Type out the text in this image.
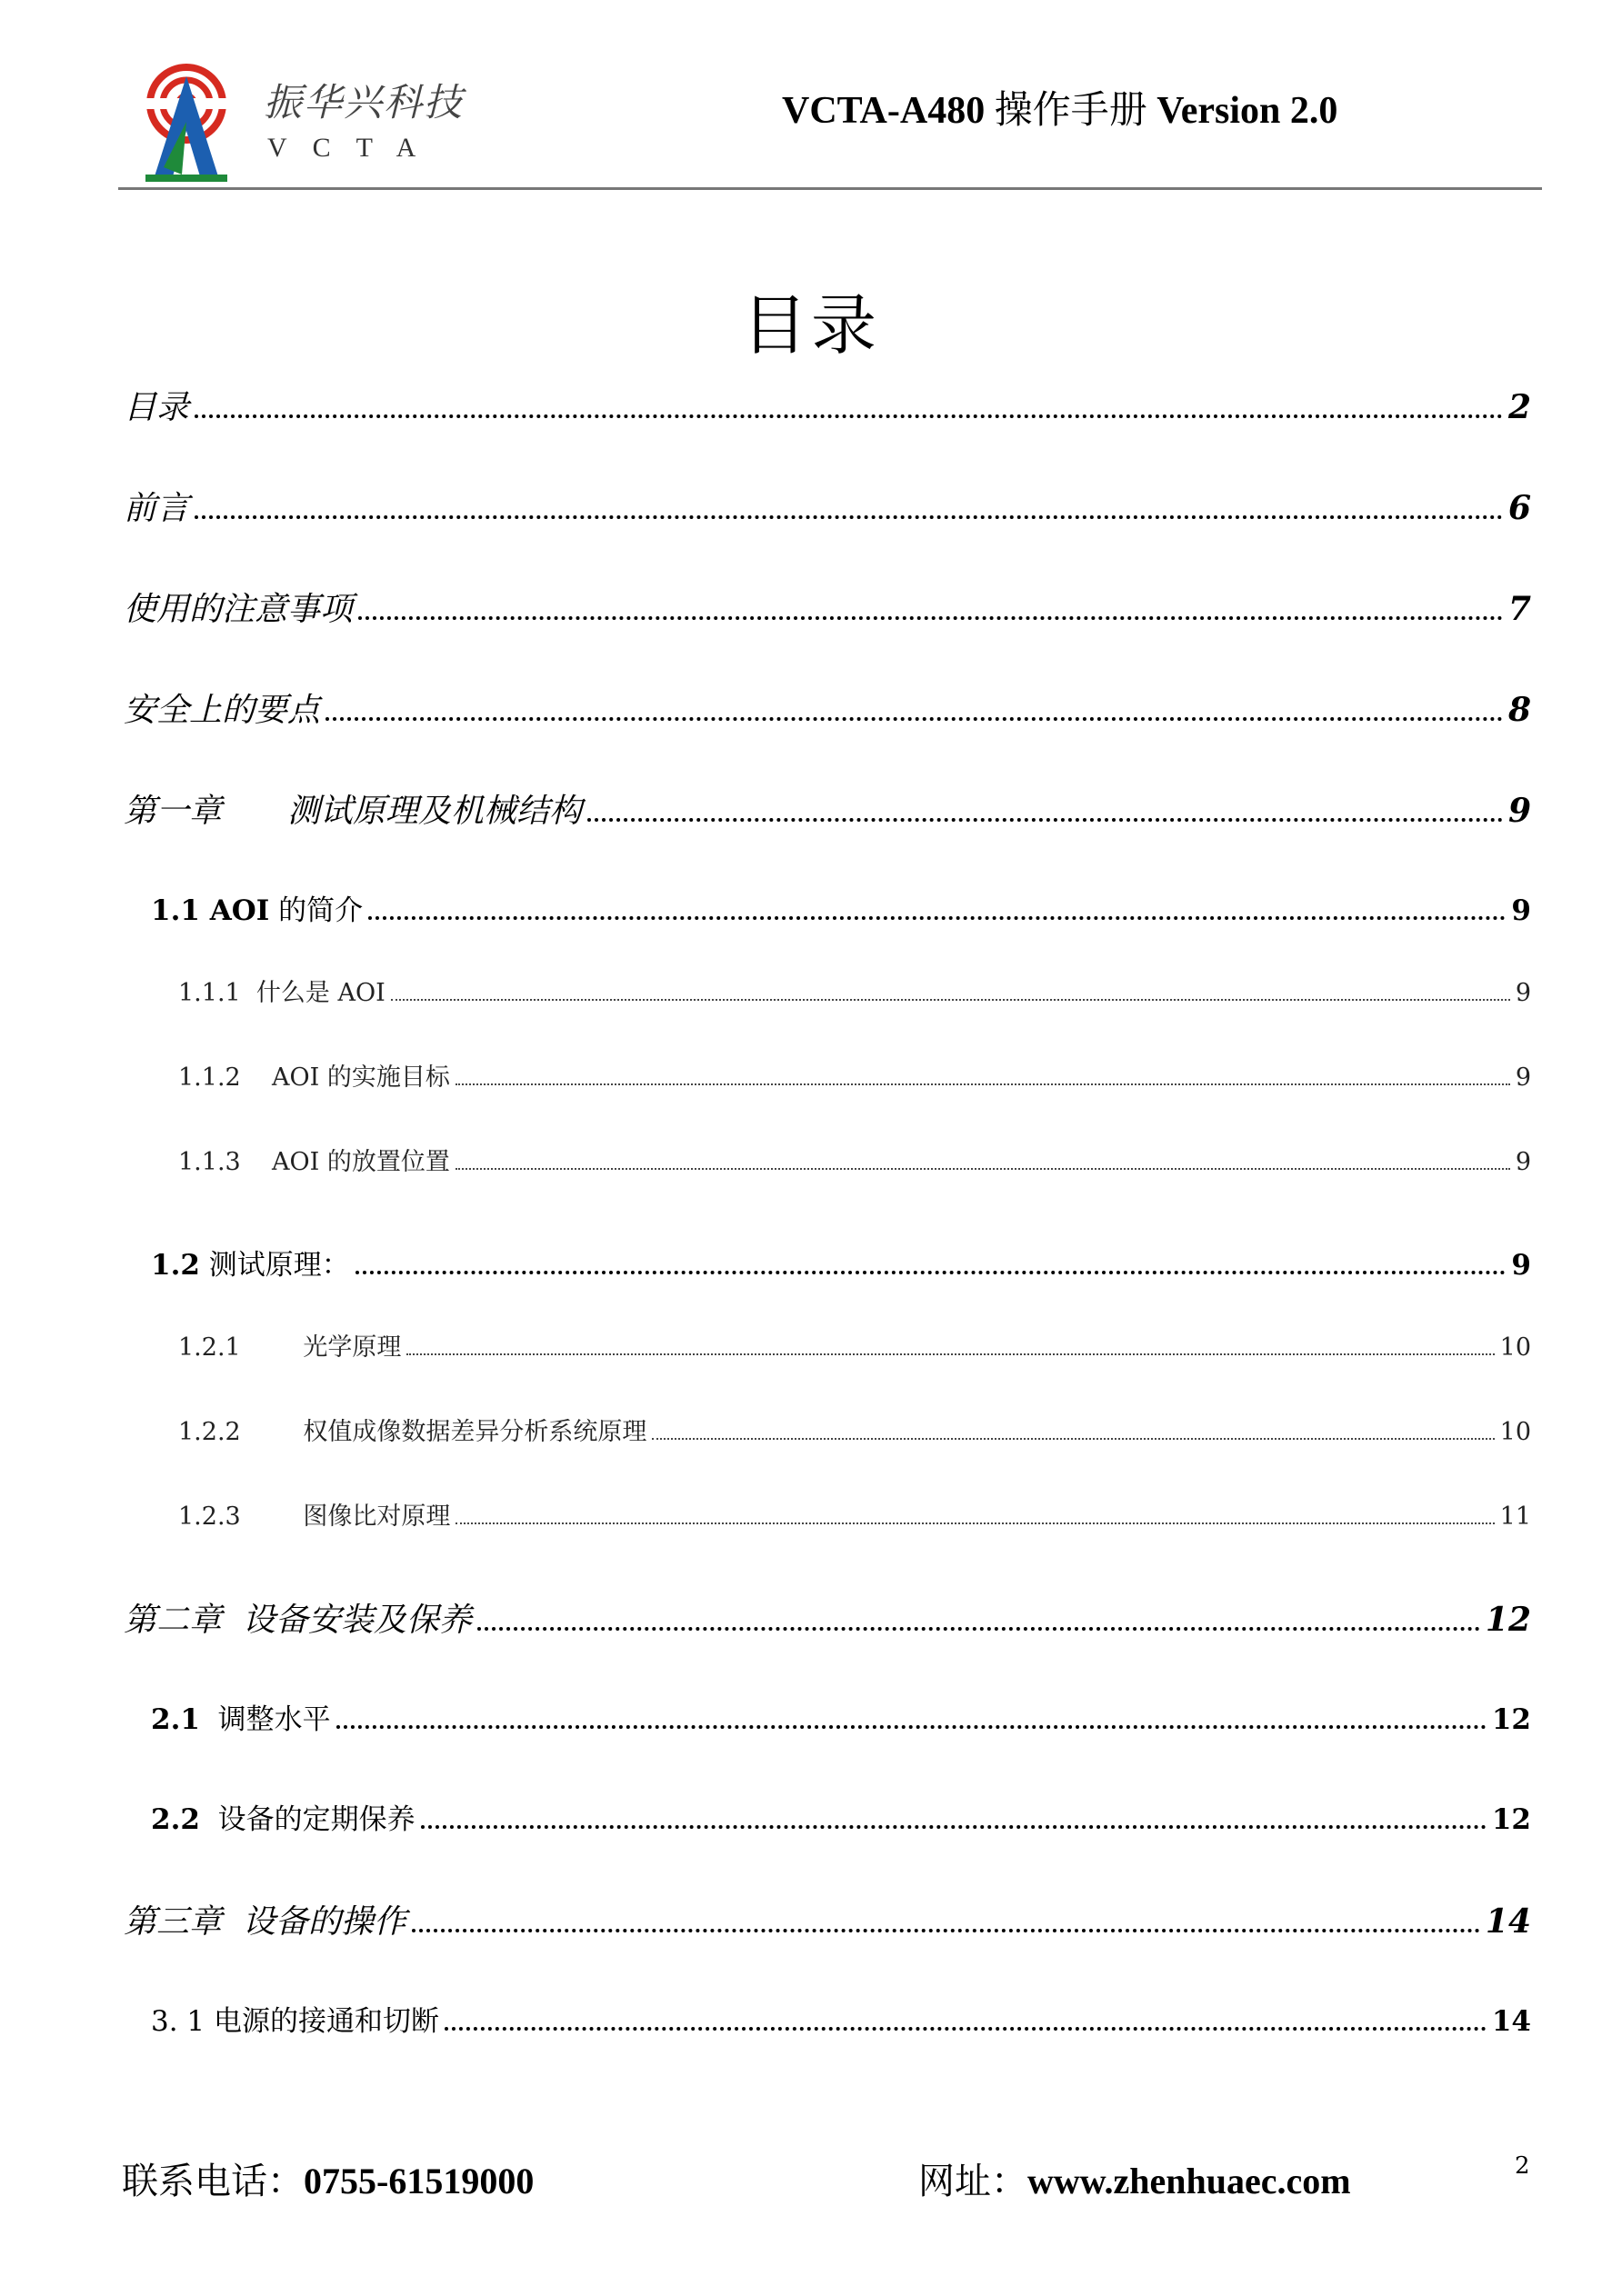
振华兴科技
VCTA
VCTA-A480 操作手册 Version 2.0
目录
目录	2
前言	6
使用的注意事项	7
安全上的要点	8
第一章　　测试原理及机械结构	9
1.1 AOI 的简介	9
1.1.1  什么是 AOI	9
1.1.2    AOI 的实施目标	9
1.1.3    AOI 的放置位置	9
1.2 测试原理：	9
1.2.1        光学原理	10
1.2.2        权值成像数据差异分析系统原理	10
1.2.3        图像比对原理	11
第二章  设备安装及保养	12
2.1  调整水平	12
2.2  设备的定期保养	12
第三章  设备的操作	14
3. 1 电源的接通和切断	14
联系电话：0755-61519000	网址：www.zhenhuaec.com	2
